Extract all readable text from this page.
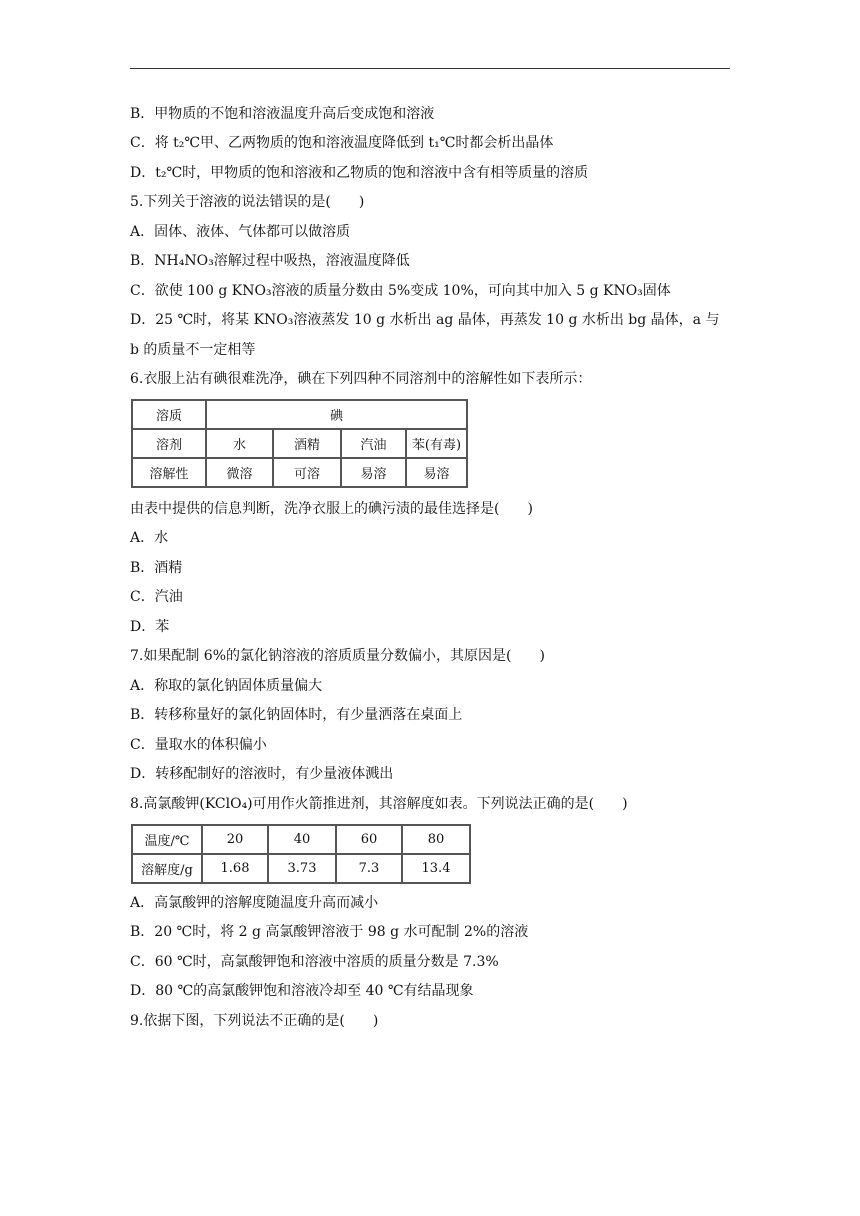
B．甲物质的不饱和溶液温度升高后变成饱和溶液
C．将 t₂℃甲、乙两物质的饱和溶液温度降低到 t₁℃时都会析出晶体
D．t₂℃时，甲物质的饱和溶液和乙物质的饱和溶液中含有相等质量的溶质
5.下列关于溶液的说法错误的是(　　)
A．固体、液体、气体都可以做溶质
B．NH₄NO₃溶解过程中吸热，溶液温度降低
C．欲使 100 g KNO₃溶液的质量分数由 5%变成 10%，可向其中加入 5 g KNO₃固体
D．25 ℃时，将某 KNO₃溶液蒸发 10 g 水析出 ag 晶体，再蒸发 10 g 水析出 bg 晶体，a 与
b 的质量不一定相等
6.衣服上沾有碘很难洗净，碘在下列四种不同溶剂中的溶解性如下表所示：
溶质	碘			
溶剂	水	酒精	汽油	苯(有毒)
溶解性	微溶	可溶	易溶	易溶
由表中提供的信息判断，洗净衣服上的碘污渍的最佳选择是(　　)
A．水
B．酒精
C．汽油
D．苯
7.如果配制 6%的氯化钠溶液的溶质质量分数偏小，其原因是(　　)
A．称取的氯化钠固体质量偏大
B．转移称量好的氯化钠固体时，有少量洒落在桌面上
C．量取水的体积偏小
D．转移配制好的溶液时，有少量液体溅出
8.高氯酸钾(KClO₄)可用作火箭推进剂，其溶解度如表。下列说法正确的是(　　)
温度/℃	20	40	60	80
溶解度/g	1.68	3.73	7.3	13.4
A．高氯酸钾的溶解度随温度升高而减小
B．20 ℃时，将 2 g 高氯酸钾溶液于 98 g 水可配制 2%的溶液
C．60 ℃时，高氯酸钾饱和溶液中溶质的质量分数是 7.3%
D．80 ℃的高氯酸钾饱和溶液冷却至 40 ℃有结晶现象
9.依据下图，下列说法不正确的是(　　)
